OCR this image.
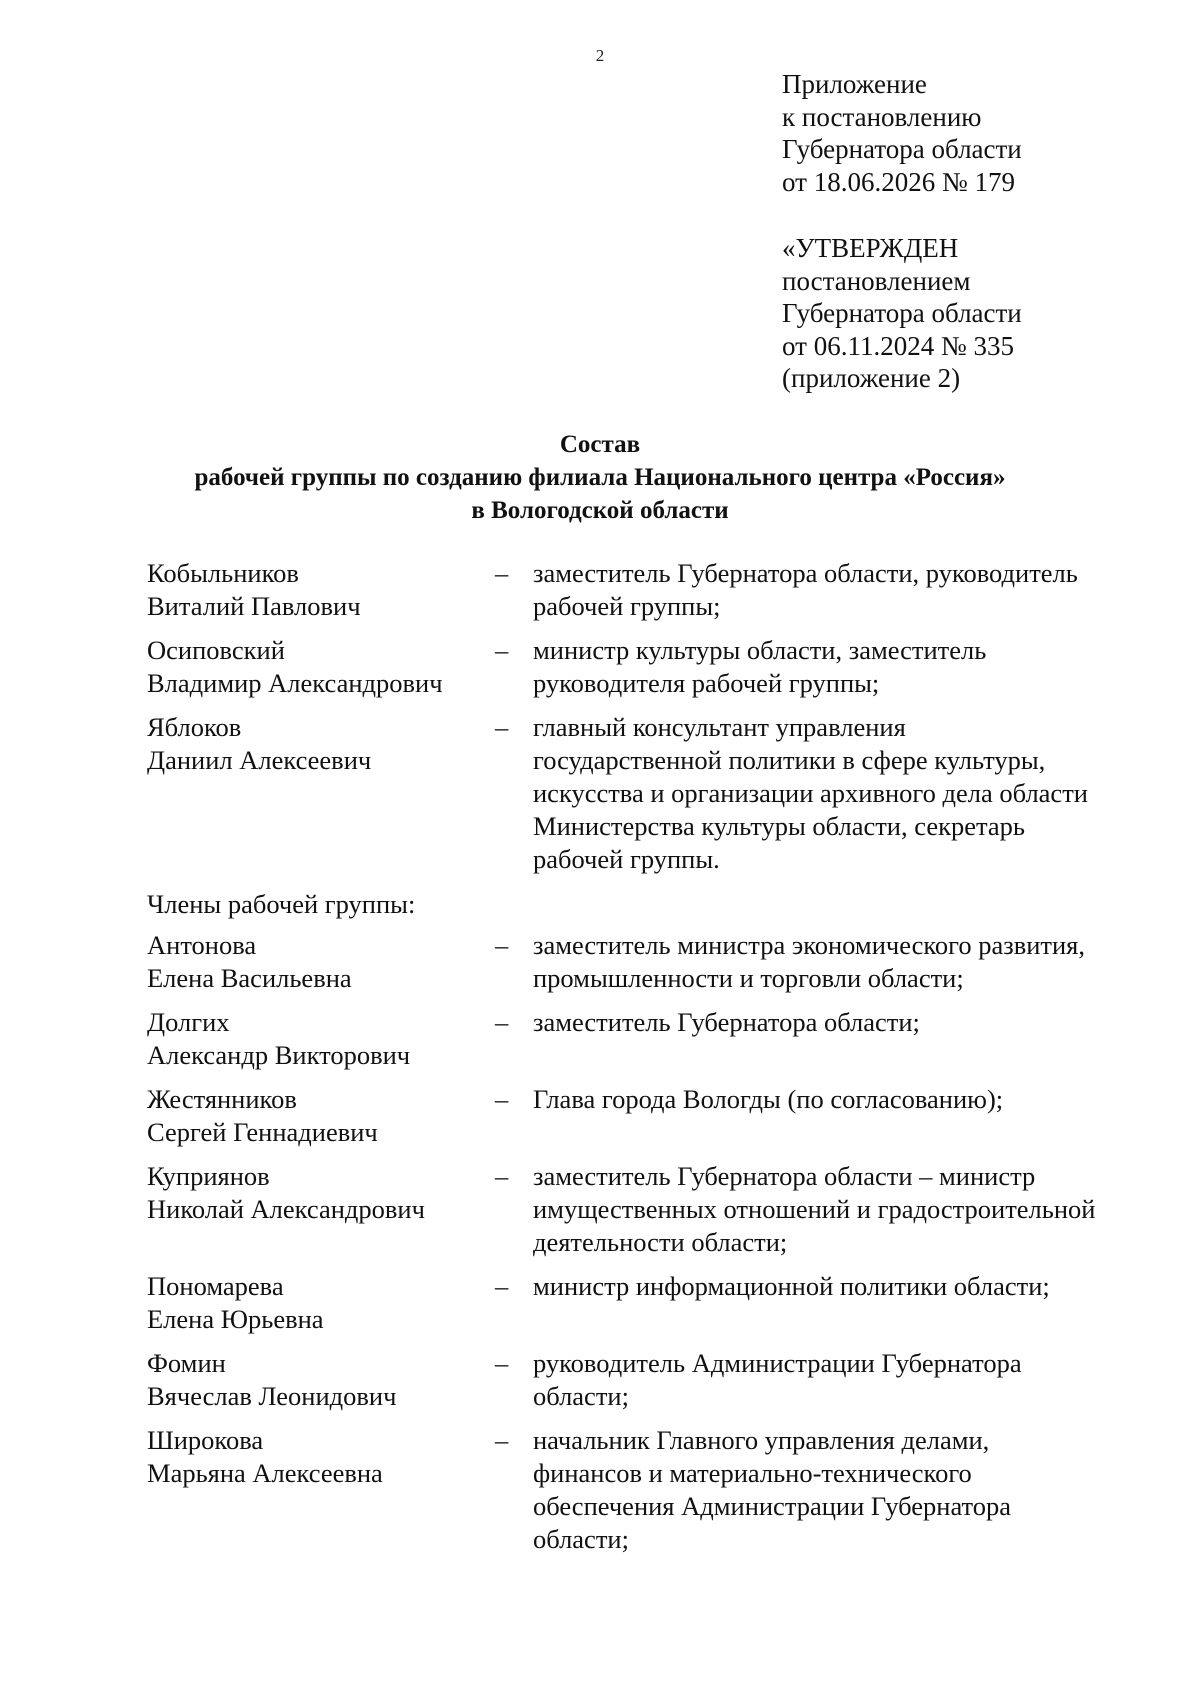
2
Приложение
к постановлению
Губернатора области
от 18.06.2026 № 179
«УТВЕРЖДЕН
постановлением
Губернатора области
от 06.11.2024 № 335
(приложение 2)
Состав
рабочей группы по созданию филиала Национального центра «Россия»
в Вологодской области
Кобыльников
Виталий Павлович
– заместитель Губернатора области, руководитель
рабочей группы;
Осиповский
Владимир Александрович
– министр культуры области, заместитель
руководителя рабочей группы;
Яблоков
Даниил Алексеевич
– главный консультант управления
государственной политики в сфере культуры,
искусства и организации архивного дела области
Министерства культуры области, секретарь
рабочей группы.
Члены рабочей группы:
Антонова
Елена Васильевна
– заместитель министра экономического развития,
промышленности и торговли области;
Долгих
Александр Викторович
– заместитель Губернатора области;
Жестянников
Сергей Геннадиевич
– Глава города Вологды (по согласованию);
Куприянов
Николай Александрович
– заместитель Губернатора области – министр
имущественных отношений и градостроительной
деятельности области;
Пономарева
Елена Юрьевна
– министр информационной политики области;
Фомин
Вячеслав Леонидович
– руководитель Администрации Губернатора
области;
Широкова
Марьяна Алексеевна
– начальник Главного управления делами,
финансов и материально-технического
обеспечения Администрации Губернатора
области;
